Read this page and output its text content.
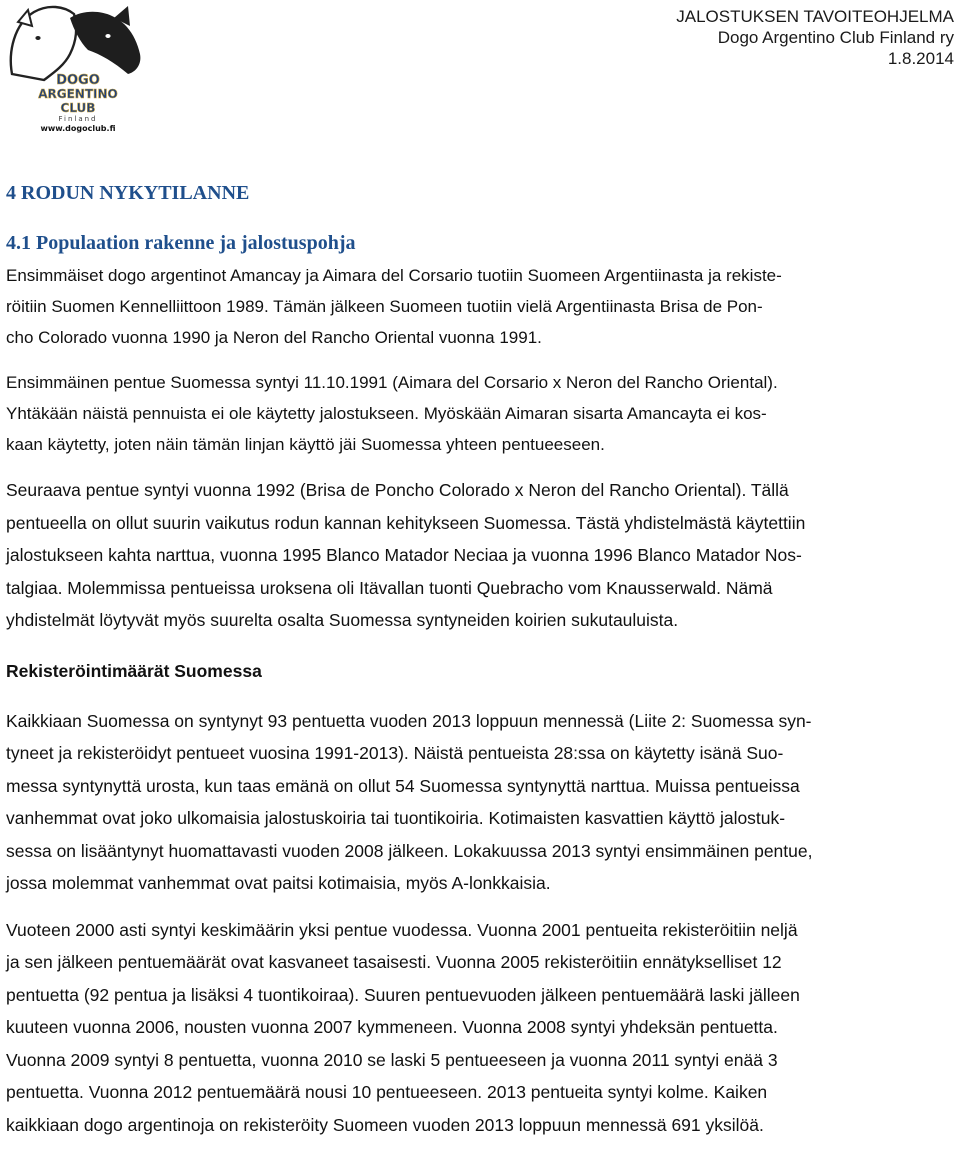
DOGO
ARGENTINO
CLUB
Finland
www.dogoclub.fi
JALOSTUKSEN TAVOITEOHJELMA
Dogo Argentino Club Finland ry
1.8.2014
4 RODUN NYKYTILANNE
4.1 Populaation rakenne ja jalostuspohja
Ensimmäiset dogo argentinot Amancay ja Aimara del Corsario tuotiin Suomeen Argentiinasta ja rekiste-
röitiin Suomen Kennelliittoon 1989. Tämän jälkeen Suomeen tuotiin vielä Argentiinasta Brisa de Pon-
cho Colorado vuonna 1990 ja Neron del Rancho Oriental vuonna 1991.
Ensimmäinen pentue Suomessa syntyi 11.10.1991 (Aimara del Corsario x Neron del Rancho Oriental).
Yhtäkään näistä pennuista ei ole käytetty jalostukseen. Myöskään Aimaran sisarta Amancayta ei kos-
kaan käytetty, joten näin tämän linjan käyttö jäi Suomessa yhteen pentueeseen.
Seuraava pentue syntyi vuonna 1992 (Brisa de Poncho Colorado x Neron del Rancho Oriental). Tällä
pentueella on ollut suurin vaikutus rodun kannan kehitykseen Suomessa. Tästä yhdistelmästä käytettiin
jalostukseen kahta narttua, vuonna 1995 Blanco Matador Neciaa ja vuonna 1996 Blanco Matador Nos-
talgiaa. Molemmissa pentueissa uroksena oli Itävallan tuonti Quebracho vom Knausserwald. Nämä
yhdistelmät löytyvät myös suurelta osalta Suomessa syntyneiden koirien sukutauluista.
Rekisteröintimäärät Suomessa
Kaikkiaan Suomessa on syntynyt 93 pentuetta vuoden 2013 loppuun mennessä (Liite 2: Suomessa syn-
tyneet ja rekisteröidyt pentueet vuosina 1991-2013). Näistä pentueista 28:ssa on käytetty isänä Suo-
messa syntynyttä urosta, kun taas emänä on ollut 54 Suomessa syntynyttä narttua. Muissa pentueissa
vanhemmat ovat joko ulkomaisia jalostuskoiria tai tuontikoiria. Kotimaisten kasvattien käyttö jalostuk-
sessa on lisääntynyt huomattavasti vuoden 2008 jälkeen. Lokakuussa 2013 syntyi ensimmäinen pentue,
jossa molemmat vanhemmat ovat paitsi kotimaisia, myös A-lonkkaisia.
Vuoteen 2000 asti syntyi keskimäärin yksi pentue vuodessa. Vuonna 2001 pentueita rekisteröitiin neljä
ja sen jälkeen pentuemäärät ovat kasvaneet tasaisesti. Vuonna 2005 rekisteröitiin ennätykselliset 12
pentuetta (92 pentua ja lisäksi 4 tuontikoiraa). Suuren pentuevuoden jälkeen pentuemäärä laski jälleen
kuuteen vuonna 2006, nousten vuonna 2007 kymmeneen. Vuonna 2008 syntyi yhdeksän pentuetta.
Vuonna 2009 syntyi 8 pentuetta, vuonna 2010 se laski 5 pentueeseen ja vuonna 2011 syntyi enää 3
pentuetta. Vuonna 2012 pentuemäärä nousi 10 pentueeseen. 2013 pentueita syntyi kolme. Kaiken
kaikkiaan dogo argentinoja on rekisteröity Suomeen vuoden 2013 loppuun mennessä 691 yksilöä.
